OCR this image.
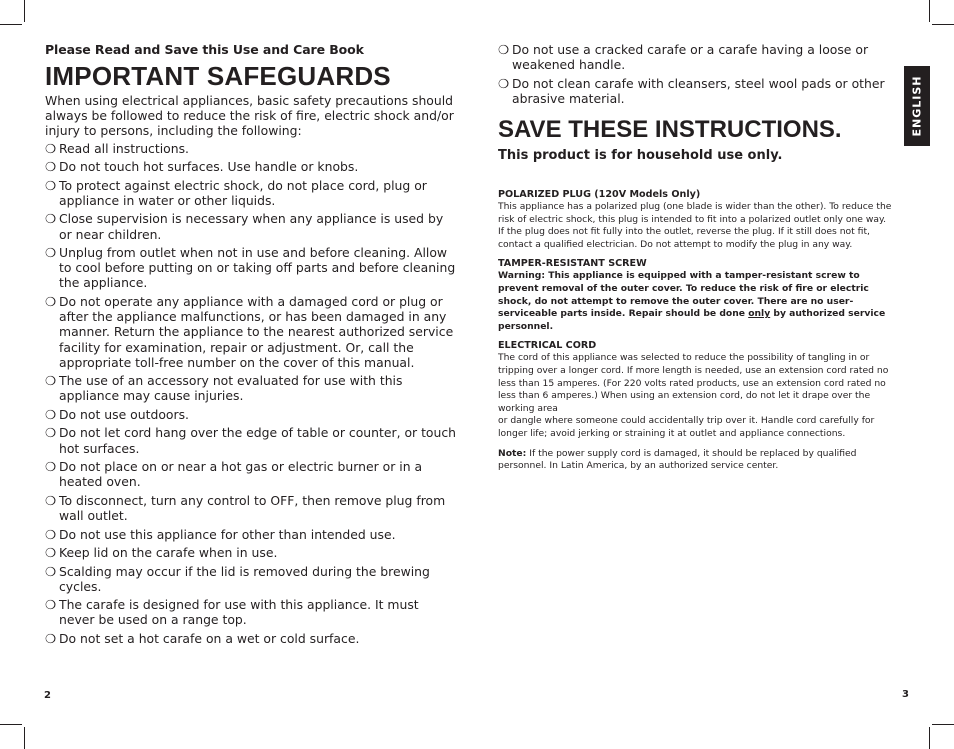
Please Read and Save this Use and Care Book
IMPORTANT SAFEGUARDS
When using electrical appliances, basic safety precautions should always be followed to reduce the risk of fire, electric shock and/or injury to persons, including the following:
❍ Read all instructions.
❍ Do not touch hot surfaces. Use handle or knobs.
❍ To protect against electric shock, do not place cord, plug or appliance in water or other liquids.
❍ Close supervision is necessary when any appliance is used by or near children.
❍ Unplug from outlet when not in use and before cleaning. Allow to cool before putting on or taking off parts and before cleaning the appliance.
❍ Do not operate any appliance with a damaged cord or plug or after the appliance malfunctions, or has been damaged in any manner. Return the appliance to the nearest authorized service facility for examination, repair or adjustment. Or, call the appropriate toll-free number on the cover of this manual.
❍ The use of an accessory not evaluated for use with this appliance may cause injuries.
❍ Do not use outdoors.
❍ Do not let cord hang over the edge of table or counter, or touch hot surfaces.
❍ Do not place on or near a hot gas or electric burner or in a heated oven.
❍ To disconnect, turn any control to OFF, then remove plug from wall outlet.
❍ Do not use this appliance for other than intended use.
❍ Keep lid on the carafe when in use.
❍ Scalding may occur if the lid is removed during the brewing cycles.
❍ The carafe is designed for use with this appliance. It must never be used on a range top.
❍ Do not set a hot carafe on a wet or cold surface.
❍ Do not use a cracked carafe or a carafe having a loose or weakened handle.
❍ Do not clean carafe with cleansers, steel wool pads or other abrasive material.
SAVE THESE INSTRUCTIONS.
This product is for household use only.
POLARIZED PLUG (120V Models Only)
This appliance has a polarized plug (one blade is wider than the other). To reduce the risk of electric shock, this plug is intended to fit into a polarized outlet only one way. If the plug does not fit fully into the outlet, reverse the plug. If it still does not fit, contact a qualified electrician. Do not attempt to modify the plug in any way.
TAMPER-RESISTANT SCREW
Warning: This appliance is equipped with a tamper-resistant screw to prevent removal of the outer cover. To reduce the risk of fire or electric shock, do not attempt to remove the outer cover. There are no user-serviceable parts inside. Repair should be done only by authorized service personnel.
ELECTRICAL CORD
The cord of this appliance was selected to reduce the possibility of tangling in or tripping over a longer cord. If more length is needed, use an extension cord rated no less than 15 amperes. (For 220 volts rated products, use an extension cord rated no less than 6 amperes.) When using an extension cord, do not let it drape over the working area
or dangle where someone could accidentally trip over it. Handle cord carefully for longer life; avoid jerking or straining it at outlet and appliance connections.
Note: If the power supply cord is damaged, it should be replaced by qualified personnel. In Latin America, by an authorized service center.
ENGLISH
2	3
